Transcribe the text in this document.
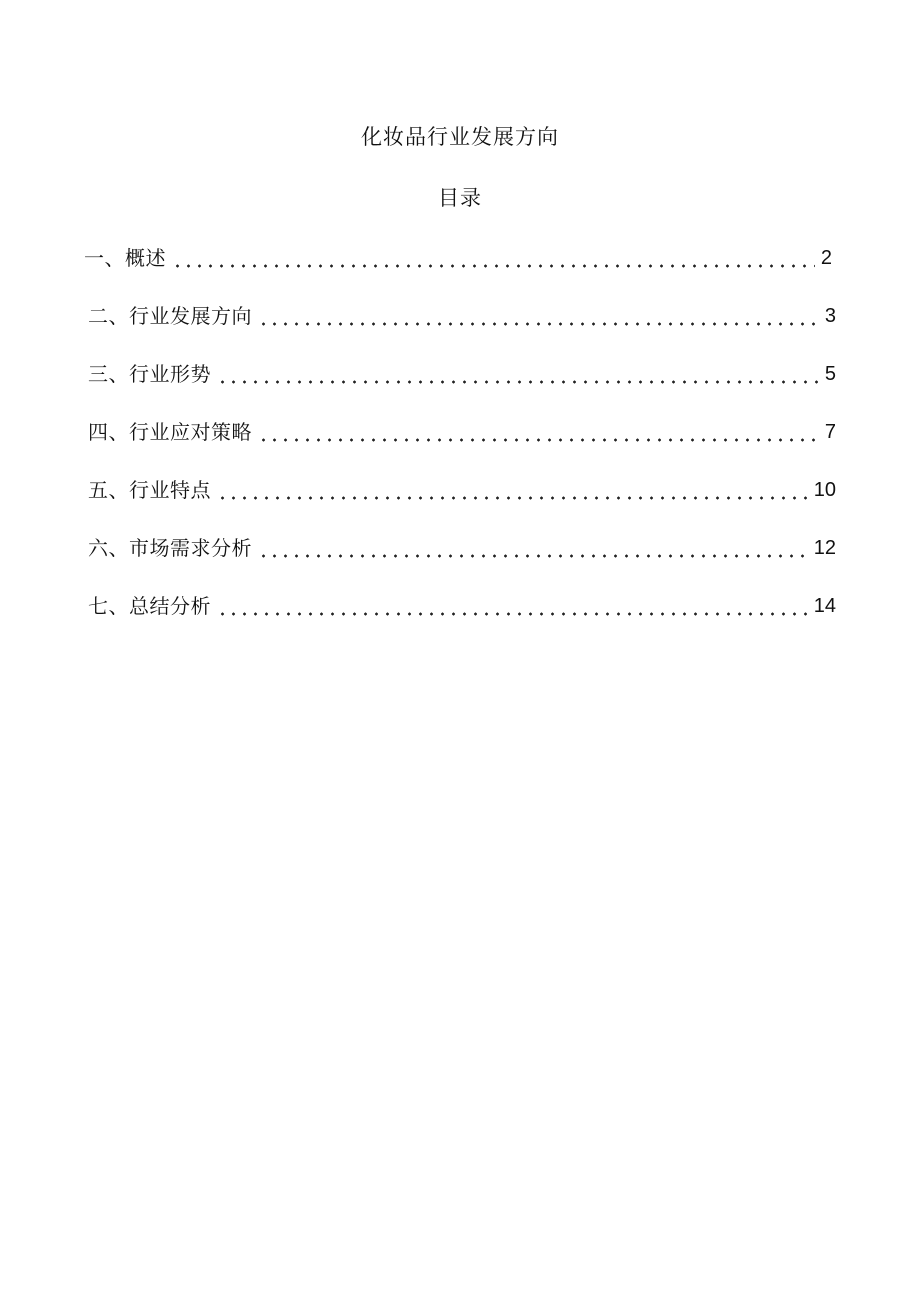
化妆品行业发展方向
目录
一、概述	2
二、行业发展方向	3
三、行业形势	5
四、行业应对策略	7
五、行业特点	10
六、市场需求分析	12
七、总结分析	14
